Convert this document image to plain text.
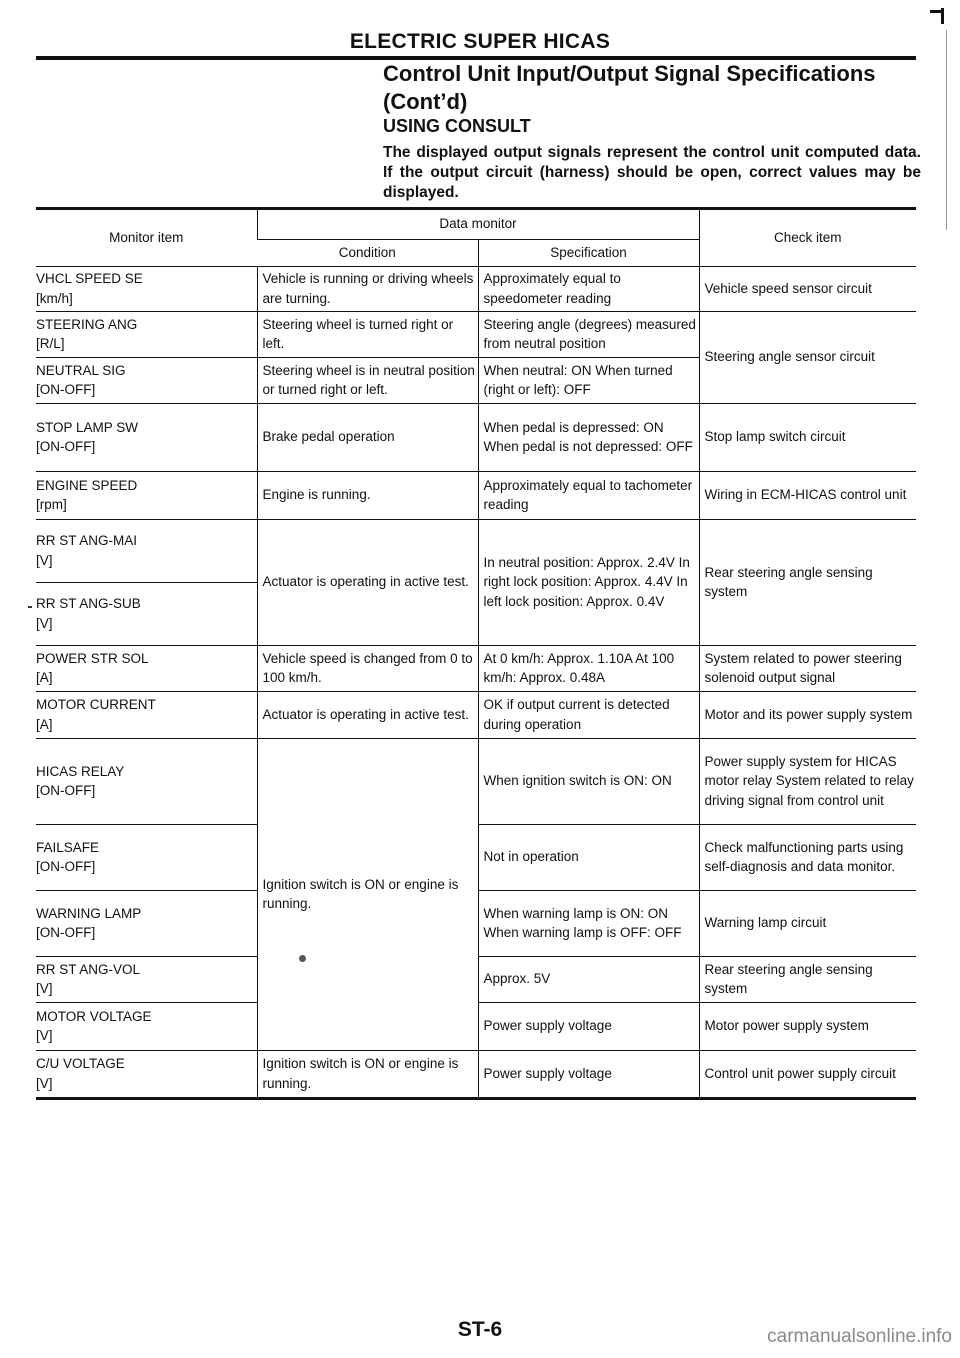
ELECTRIC SUPER HICAS
Control Unit Input/Output Signal Specifications
(Cont’d)
USING CONSULT
The displayed output signals represent the control unit computed data. If the output circuit (harness) should be open, correct values may be displayed.
Monitor item	Data monitor		Check item
	Condition	Specification	

VHCL SPEED SE
[km/h]	Vehicle is running or driving wheels are turning.	Approximately equal to speedometer reading	Vehicle speed sensor circuit

STEERING ANG
[R/L]	Steering wheel is turned right or left.	Steering angle (degrees) measured from neutral position	Steering angle sensor circuit

NEUTRAL SIG
[ON-OFF]	Steering wheel is in neutral position or turned right or left.	When neutral: ON When turned (right or left): OFF	

STOP LAMP SW
[ON-OFF]	Brake pedal operation	When pedal is depressed: ON When pedal is not depressed: OFF	Stop lamp switch circuit

ENGINE SPEED
[rpm]	Engine is running.	Approximately equal to tachometer reading	Wiring in ECM-HICAS control unit

RR ST ANG-MAI
[V]	Actuator is operating in active test.	In neutral position: Approx. 2.4V In right lock position: Approx. 4.4V In left lock position: Approx. 0.4V	Rear steering angle sensing system

RR ST ANG-SUB
[V]			

POWER STR SOL
[A]	Vehicle speed is changed from 0 to 100 km/h.	At 0 km/h: Approx. 1.10A At 100 km/h: Approx. 0.48A	System related to power steering solenoid output signal

MOTOR CURRENT
[A]	Actuator is operating in active test.	OK if output current is detected during operation	Motor and its power supply system

HICAS RELAY
[ON-OFF]	Ignition switch is ON or engine is running.	When ignition switch is ON: ON	Power supply system for HICAS motor relay System related to relay driving signal from control unit

FAILSAFE
[ON-OFF]		Not in operation	Check malfunctioning parts using self-diagnosis and data monitor.

WARNING LAMP
[ON-OFF]		When warning lamp is ON: ON When warning lamp is OFF: OFF	Warning lamp circuit

RR ST ANG-VOL
[V]		Approx. 5V	Rear steering angle sensing system

MOTOR VOLTAGE
[V]		Power supply voltage	Motor power supply system

C/U VOLTAGE
[V]	Ignition switch is ON or engine is running.	Power supply voltage	Control unit power supply circuit
ST-6	carmanualsonline.info
